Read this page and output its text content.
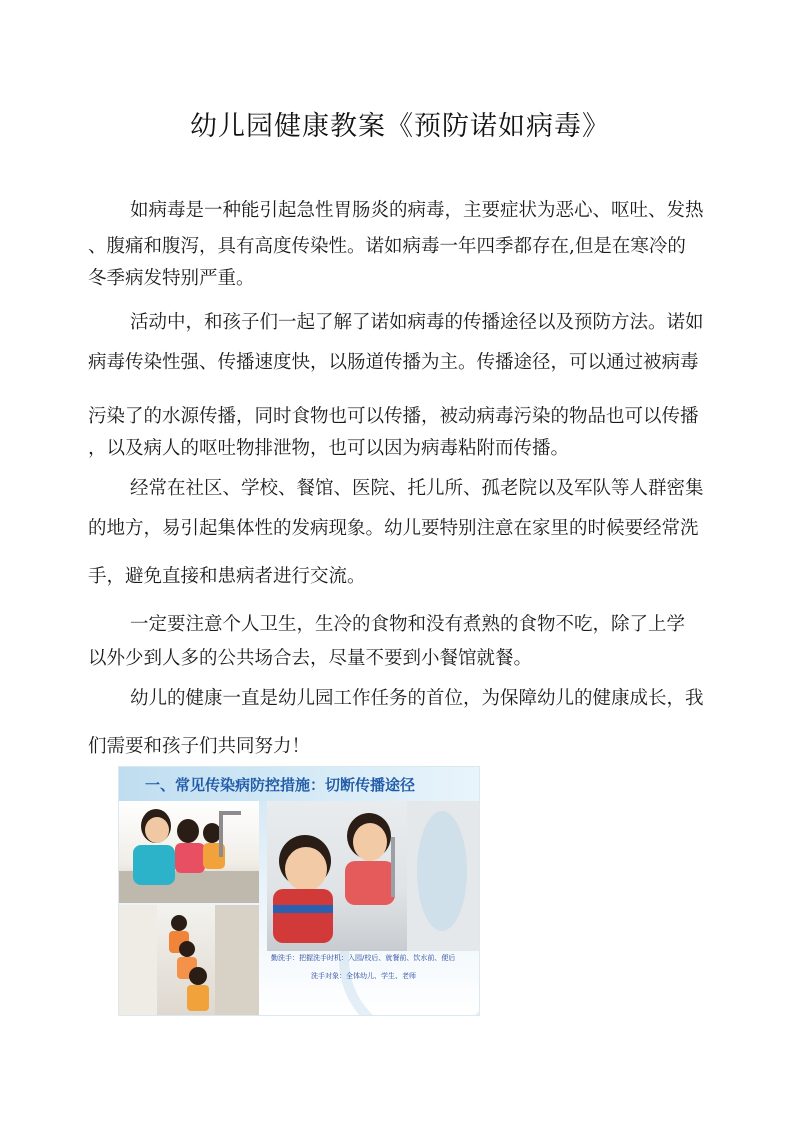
幼儿园健康教案《预防诺如病毒》
如病毒是一种能引起急性胃肠炎的病毒，主要症状为恶心、呕吐、发热
、腹痛和腹泻，具有高度传染性。诺如病毒一年四季都存在,但是在寒冷的
冬季病发特别严重。
活动中，和孩子们一起了解了诺如病毒的传播途径以及预防方法。诺如
病毒传染性强、传播速度快，以肠道传播为主。传播途径，可以通过被病毒
污染了的水源传播，同时食物也可以传播，被动病毒污染的物品也可以传播
，以及病人的呕吐物排泄物，也可以因为病毒粘附而传播。
经常在社区、学校、餐馆、医院、托儿所、孤老院以及军队等人群密集
的地方，易引起集体性的发病现象。幼儿要特别注意在家里的时候要经常洗
手，避免直接和患病者进行交流。
一定要注意个人卫生，生冷的食物和没有煮熟的食物不吃，除了上学
以外少到人多的公共场合去，尽量不要到小餐馆就餐。
幼儿的健康一直是幼儿园工作任务的首位，为保障幼儿的健康成长，我
们需要和孩子们共同努力！
一、常见传染病防控措施：切断传播途径
勤洗手：把握洗手时机：入园/校后、就餐前、饮水前、便后
洗手对象：全体幼儿、学生、老师
